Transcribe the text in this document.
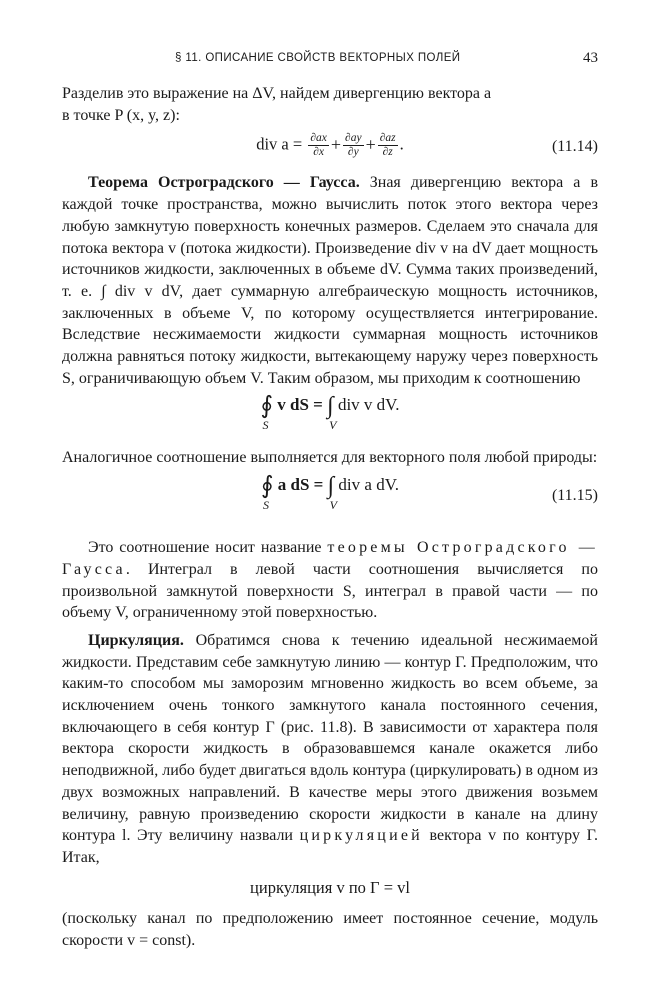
§ 11. ОПИСАНИЕ СВОЙСТВ ВЕКТОРНЫХ ПОЛЕЙ	43

Разделив это выражение на ΔV, найдем дивергенцию вектора a
в точке P (x, y, z):

div $a = \frac{\partial ax}{\partial x} + \frac{\partial ay}{\partial y} + \frac{\partial az}{\partial z}$ .	(11.14)

Теорема Остроградского — Гаусса. Зная дивергенцию вектора a в каждой точке пространства, можно вычислить поток этого вектора через любую замкнутую поверхность конечных размеров. Сделаем это сначала для потока вектора v (потока жидкости). Произведение div v на dV дает мощность источников жидкости, заключенных в объеме dV. Сумма таких произведений, т. е. ∫ div v dV, дает суммарную алгебраическую мощность источников, заключенных в объеме V, по которому осуществляется интегрирование. Вследствие несжимаемости жидкости суммарная мощность источников должна равняться потоку жидкости, вытекающему наружу через поверхность S, ограничивающую объем V. Таким образом, мы приходим к соотношению

∮
S
v dS = ∫
V
div v dV.

Аналогичное соотношение выполняется для векторного поля любой природы:

∮
S
a dS = ∫
V
div a dV.
(11.15)

Это соотношение носит название теоремы Остроградского — Гаусса. Интеграл в левой части соотношения вычисляется по произвольной замкнутой поверхности S, интеграл в правой части — по объему V, ограниченному этой поверхностью.

Циркуляция. Обратимся снова к течению идеальной несжимаемой жидкости. Представим себе замкнутую линию — контур Г. Предположим, что каким-то способом мы заморозим мгновенно жидкость во всем объеме, за исключением очень тонкого замкнутого канала постоянного сечения, включающего в себя контур Г (рис. 11.8). В зависимости от характера поля вектора скорости жидкость в образовавшемся канале окажется либо неподвижной, либо будет двигаться вдоль контура (циркулировать) в одном из двух возможных направлений. В качестве меры этого движения возьмем величину, равную произведению скорости жидкости в канале на длину контура l. Эту величину назвали циркуляцией вектора v по контуру Г. Итак,

циркуляция v по Г = vl

(поскольку канал по предположению имеет постоянное сечение, модуль скорости v = const).
